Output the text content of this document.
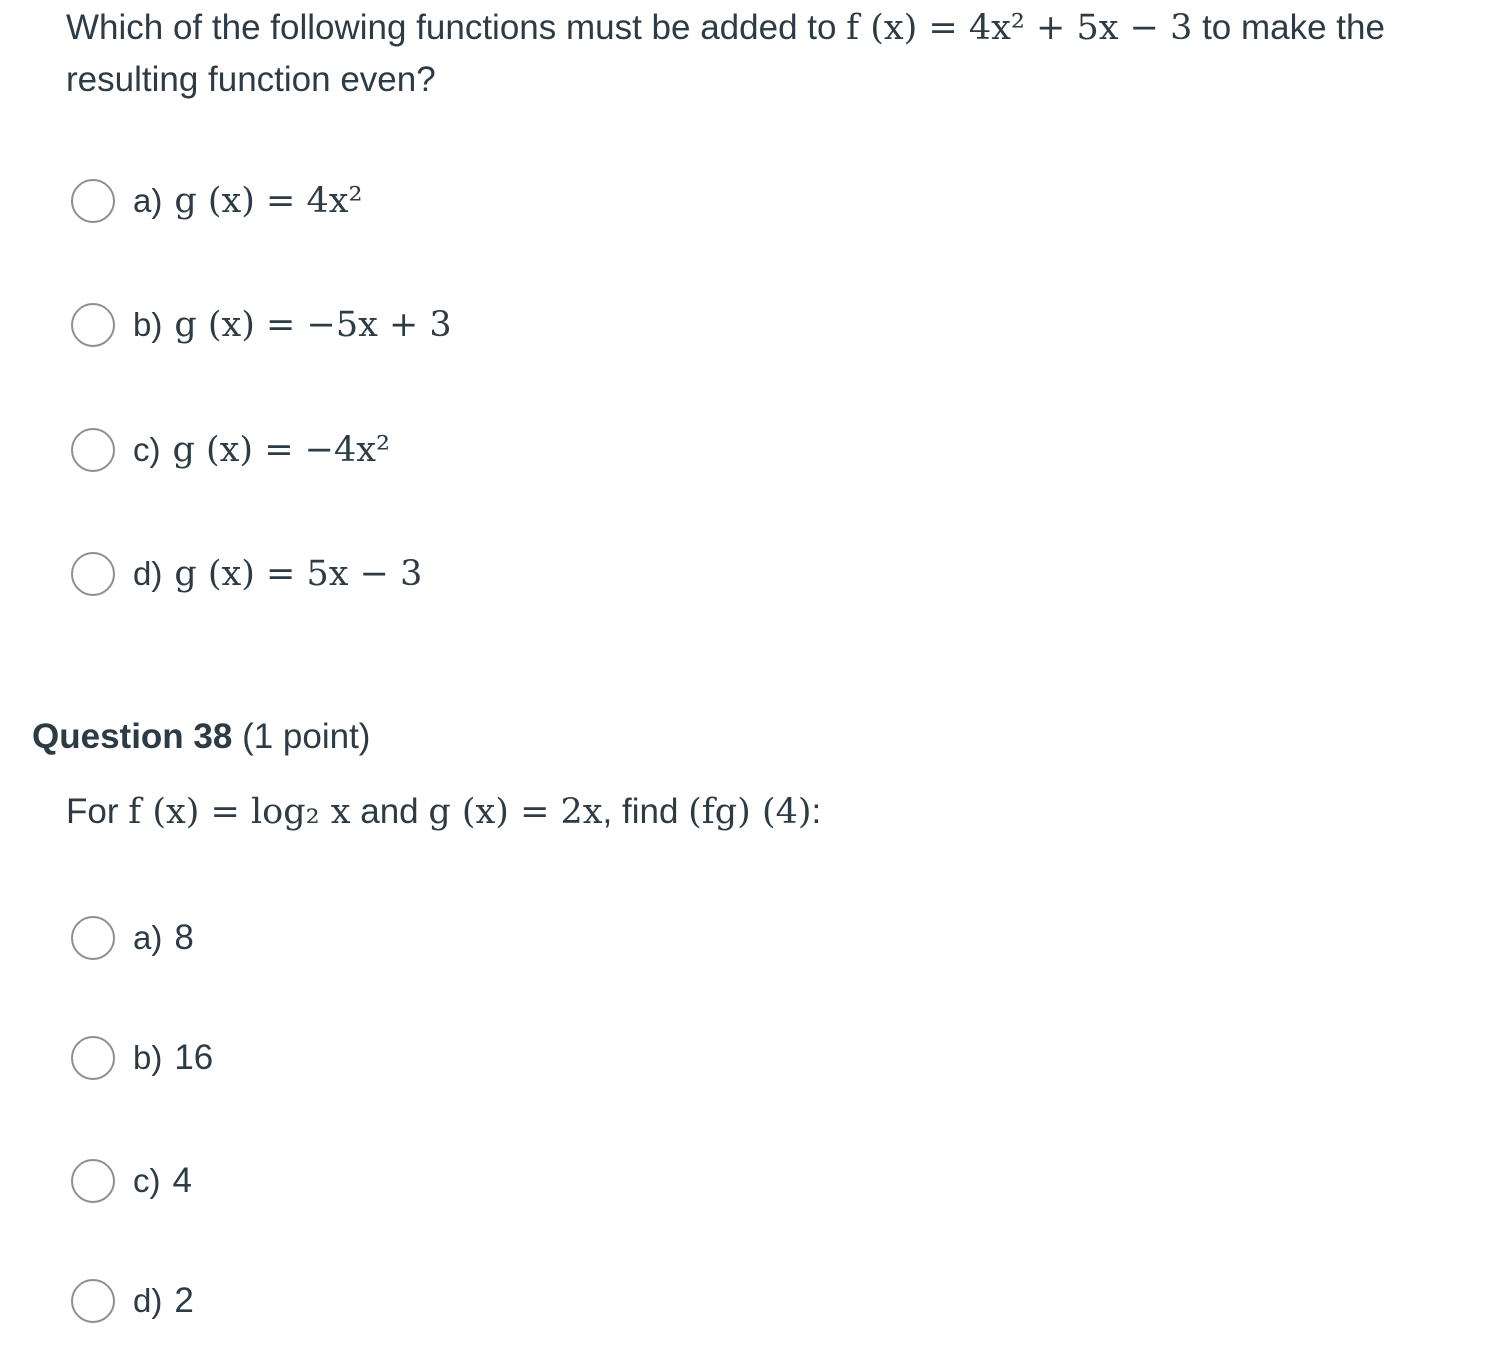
Which of the following functions must be added to f (x) = 4x² + 5x − 3 to make the resulting function even?
a) g (x) = 4x²
b) g (x) = −5x + 3
c) g (x) = −4x²
d) g (x) = 5x − 3
Question 38 (1 point)
For f (x) = log₂ x and g (x) = 2x, find (fg) (4):
a) 8
b) 16
c) 4
d) 2
